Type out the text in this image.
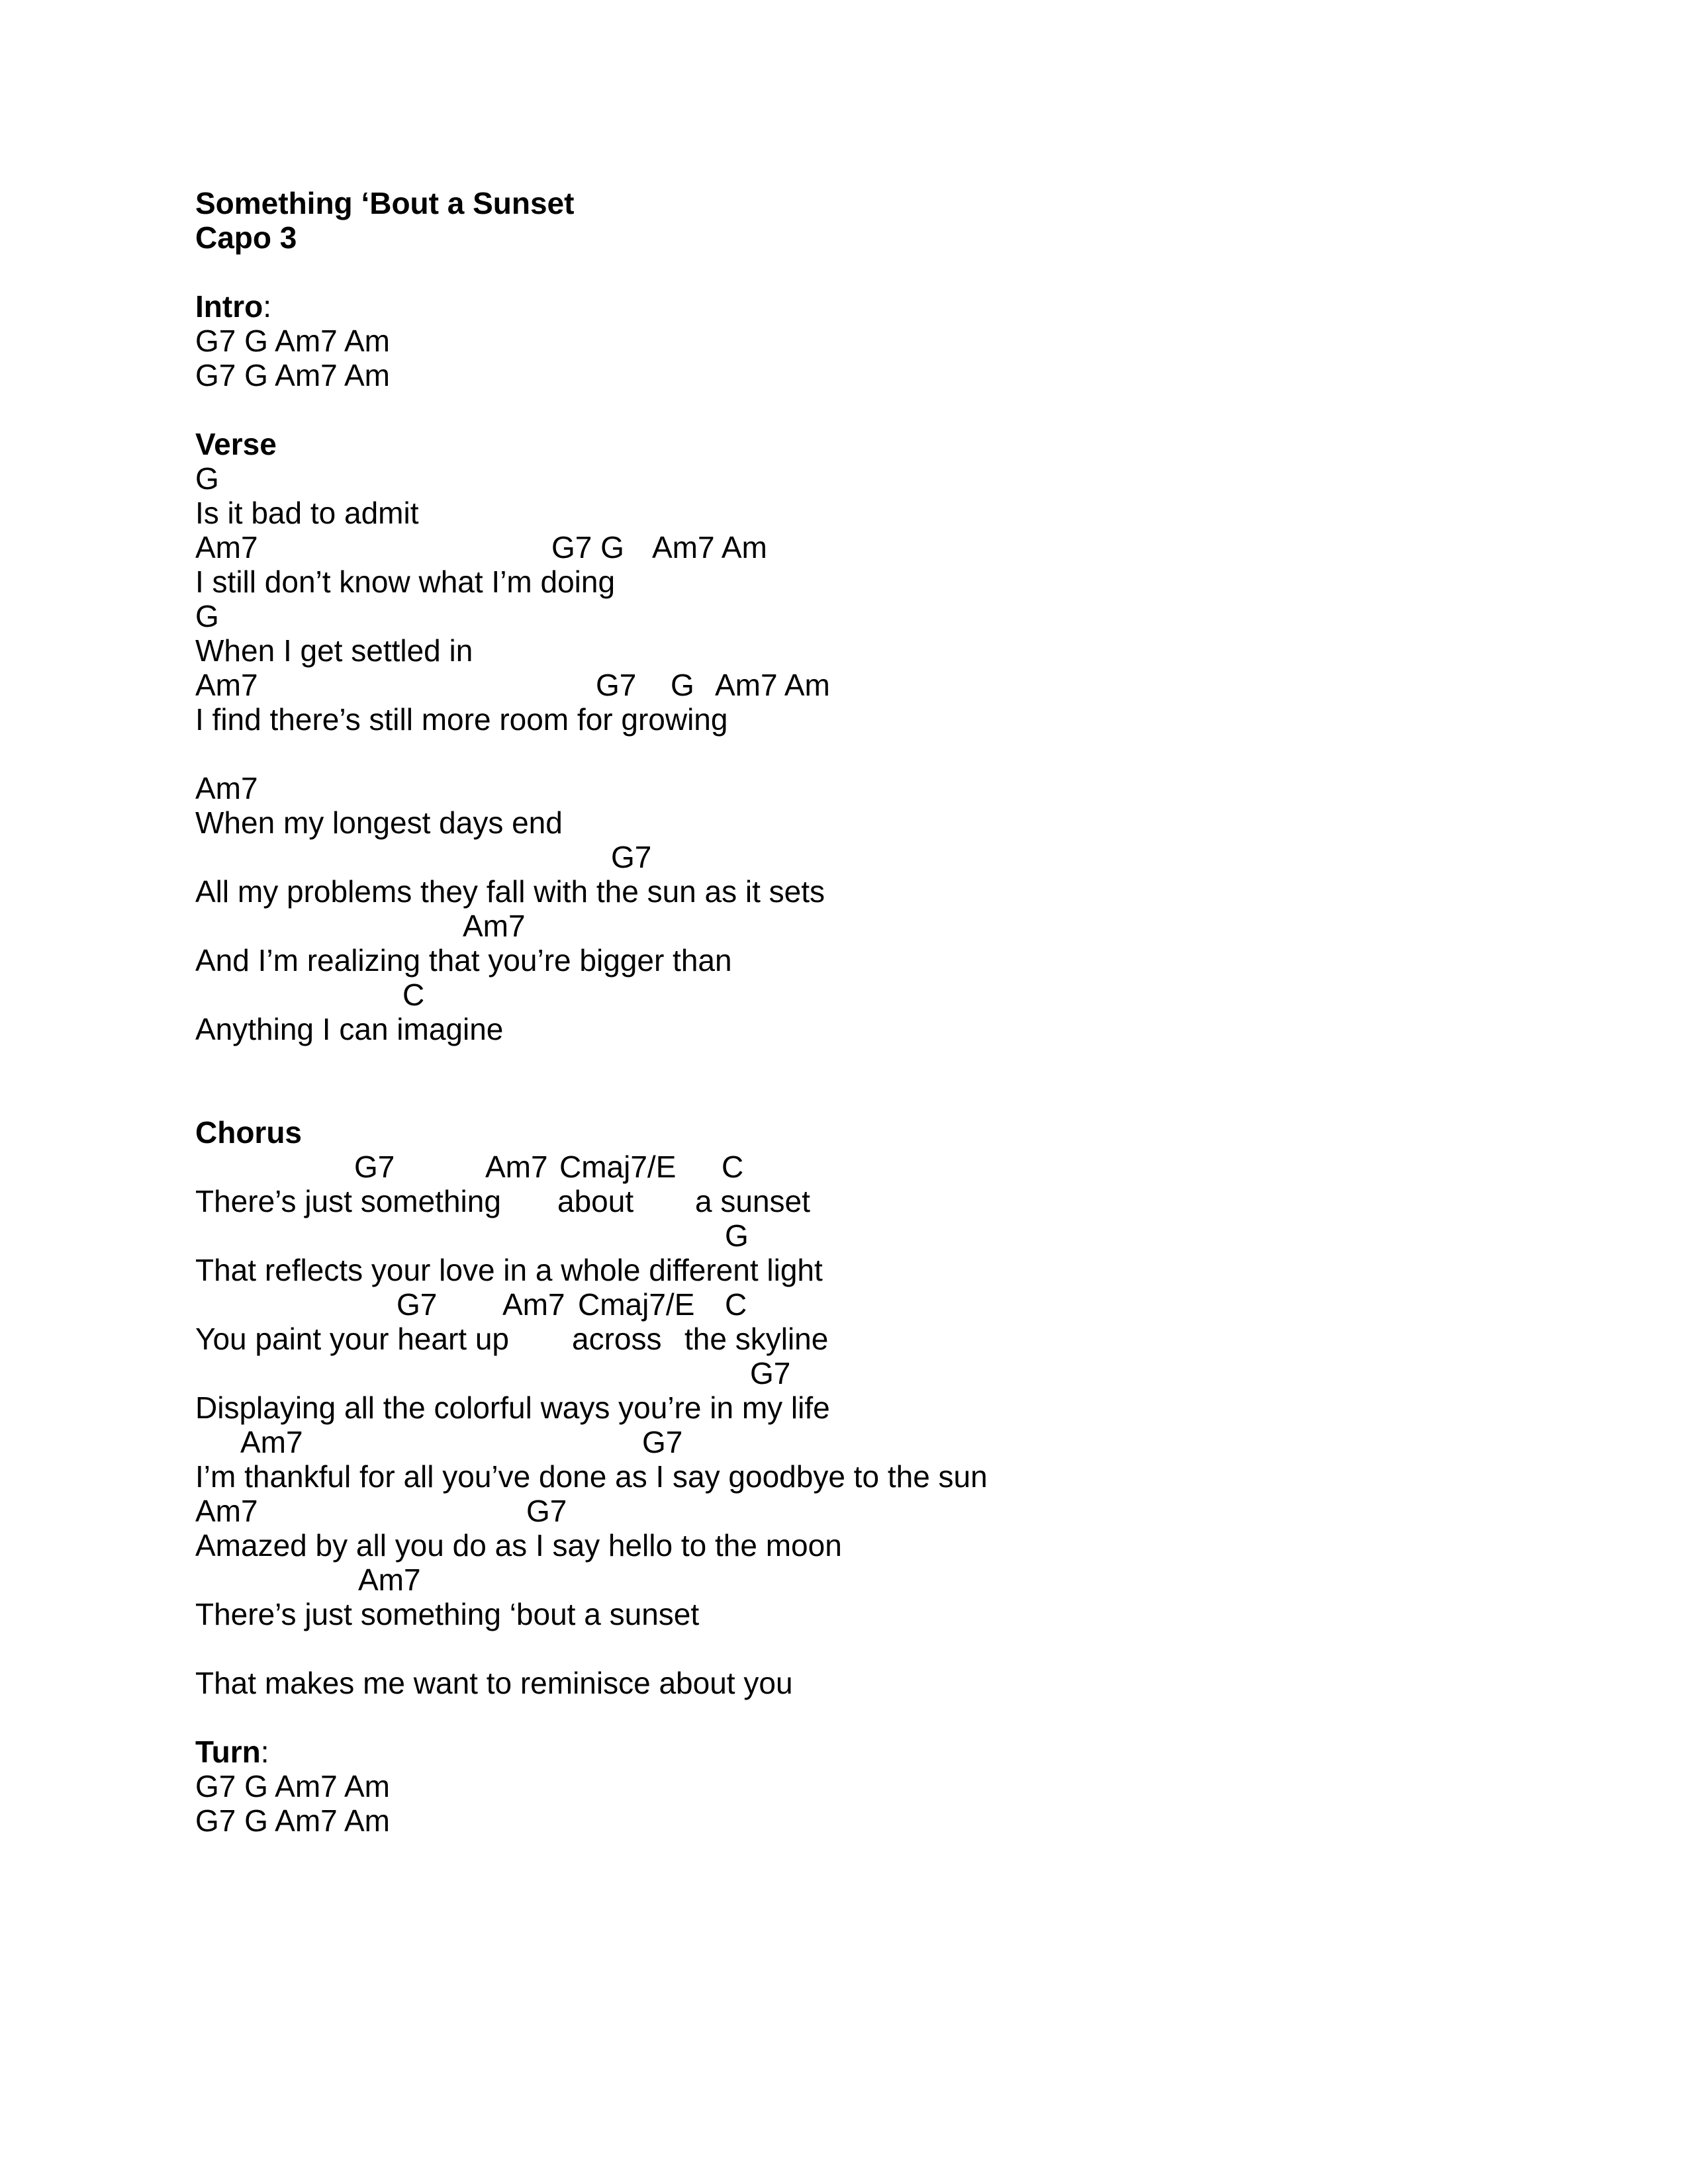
Something ‘Bout a Sunset
Capo 3
Intro:
G7 G Am7 Am
G7 G Am7 Am
Verse
G
Is it bad to admit
Am7	G7 G Am7 Am
I still don’t know what I’m doing
G
When I get settled in
Am7	G7 G Am7 Am
I find there’s still more room for growing
Am7
When my longest days end
G7
All my problems they fall with the sun as it sets
Am7
And I’m realizing that you’re bigger than
C
Anything I can imagine
Chorus
G7	Am7 Cmaj7/E C
There’s just something about a sunset
G
That reflects your love in a whole different light
G7 Am7 Cmaj7/E C
You paint your heart up across the skyline
G7
Displaying all the colorful ways you’re in my life
Am7	G7
I’m thankful for all you’ve done as I say goodbye to the sun
Am7	G7
Amazed by all you do as I say hello to the moon
Am7
There’s just something ‘bout a sunset
That makes me want to reminisce about you
Turn:
G7 G Am7 Am
G7 G Am7 Am
